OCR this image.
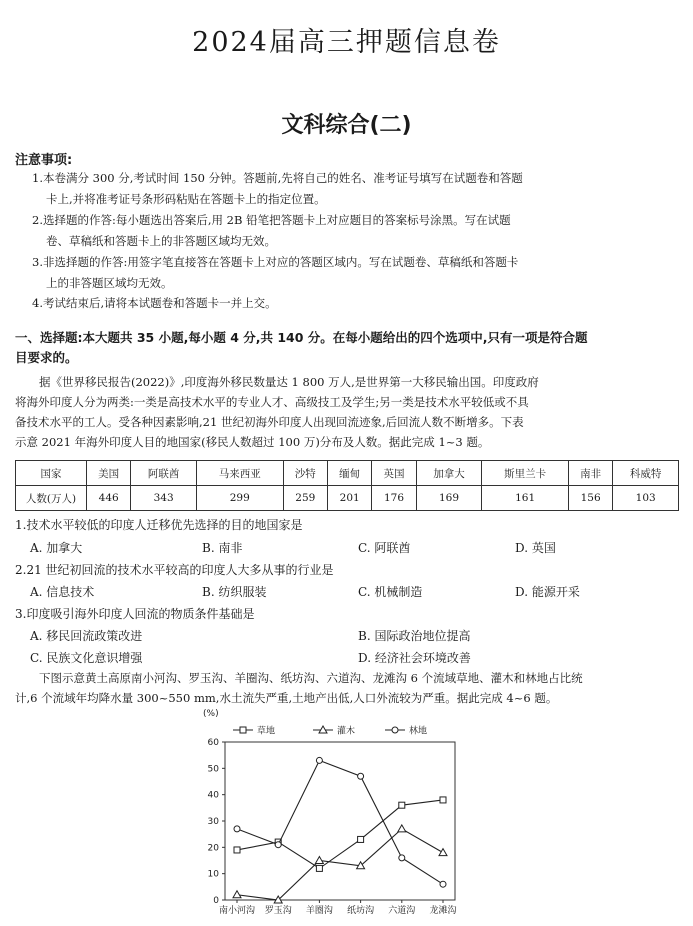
2024届高三押题信息卷
文科综合(二)
注意事项:
1.本卷满分 300 分,考试时间 150 分钟。答题前,先将自己的姓名、准考证号填写在试题卷和答题
卡上,并将准考证号条形码粘贴在答题卡上的指定位置。
2.选择题的作答:每小题选出答案后,用 2B 铅笔把答题卡上对应题目的答案标号涂黑。写在试题
卷、草稿纸和答题卡上的非答题区域均无效。
3.非选择题的作答:用签字笔直接答在答题卡上对应的答题区域内。写在试题卷、草稿纸和答题卡
上的非答题区域均无效。
4.考试结束后,请将本试题卷和答题卡一并上交。
一、选择题:本大题共 35 小题,每小题 4 分,共 140 分。在每小题给出的四个选项中,只有一项是符合题
目要求的。
据《世界移民报告(2022)》,印度海外移民数量达 1 800 万人,是世界第一大移民输出国。印度政府
将海外印度人分为两类:一类是高技术水平的专业人才、高级技工及学生;另一类是技术水平较低或不具
备技术水平的工人。受各种因素影响,21 世纪初海外印度人出现回流迹象,后回流人数不断增多。下表
示意 2021 年海外印度人目的地国家(移民人数超过 100 万)分布及人数。据此完成 1~3 题。
国家	美国	阿联酋	马来西亚	沙特	缅甸	英国	加拿大	斯里兰卡	南非	科威特
人数(万人)	446	343	299	259	201	176	169	161	156	103
1.技术水平较低的印度人迁移优先选择的目的地国家是
A. 加拿大	B. 南非	C. 阿联酋	D. 英国
2.21 世纪初回流的技术水平较高的印度人大多从事的行业是
A. 信息技术	B. 纺织服装	C. 机械制造	D. 能源开采
3.印度吸引海外印度人回流的物质条件基础是
A. 移民回流政策改进	B. 国际政治地位提高
C. 民族文化意识增强	D. 经济社会环境改善
下图示意黄土高原南小河沟、罗玉沟、羊圈沟、纸坊沟、六道沟、龙滩沟 6 个流域草地、灌木和林地占比统
计,6 个流域年均降水量 300~550 mm,水土流失严重,土地产出低,人口外流较为严重。据此完成 4~6 题。
(%)
0
10
20
30
40
50
60
南小河沟 罗玉沟 羊圈沟 纸坊沟 六道沟 龙滩沟
草地	灌木	林地
